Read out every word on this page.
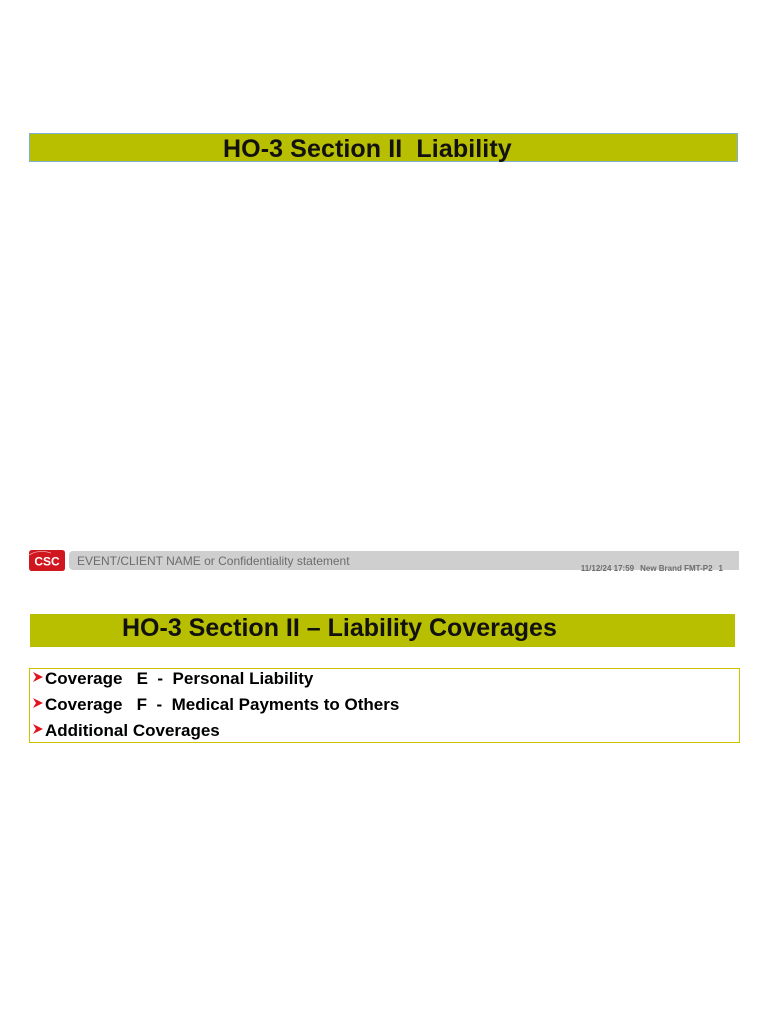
HO-3 Section II  Liability
CSC EVENT/CLIENT NAME or Confidentiality statement

11/12/24 17:59 New Brand FMT-P2 1

HO-3 Section II – Liability Coverages
Coverage   E  -  Personal Liability
Coverage   F  -  Medical Payments to Others
Additional Coverages
